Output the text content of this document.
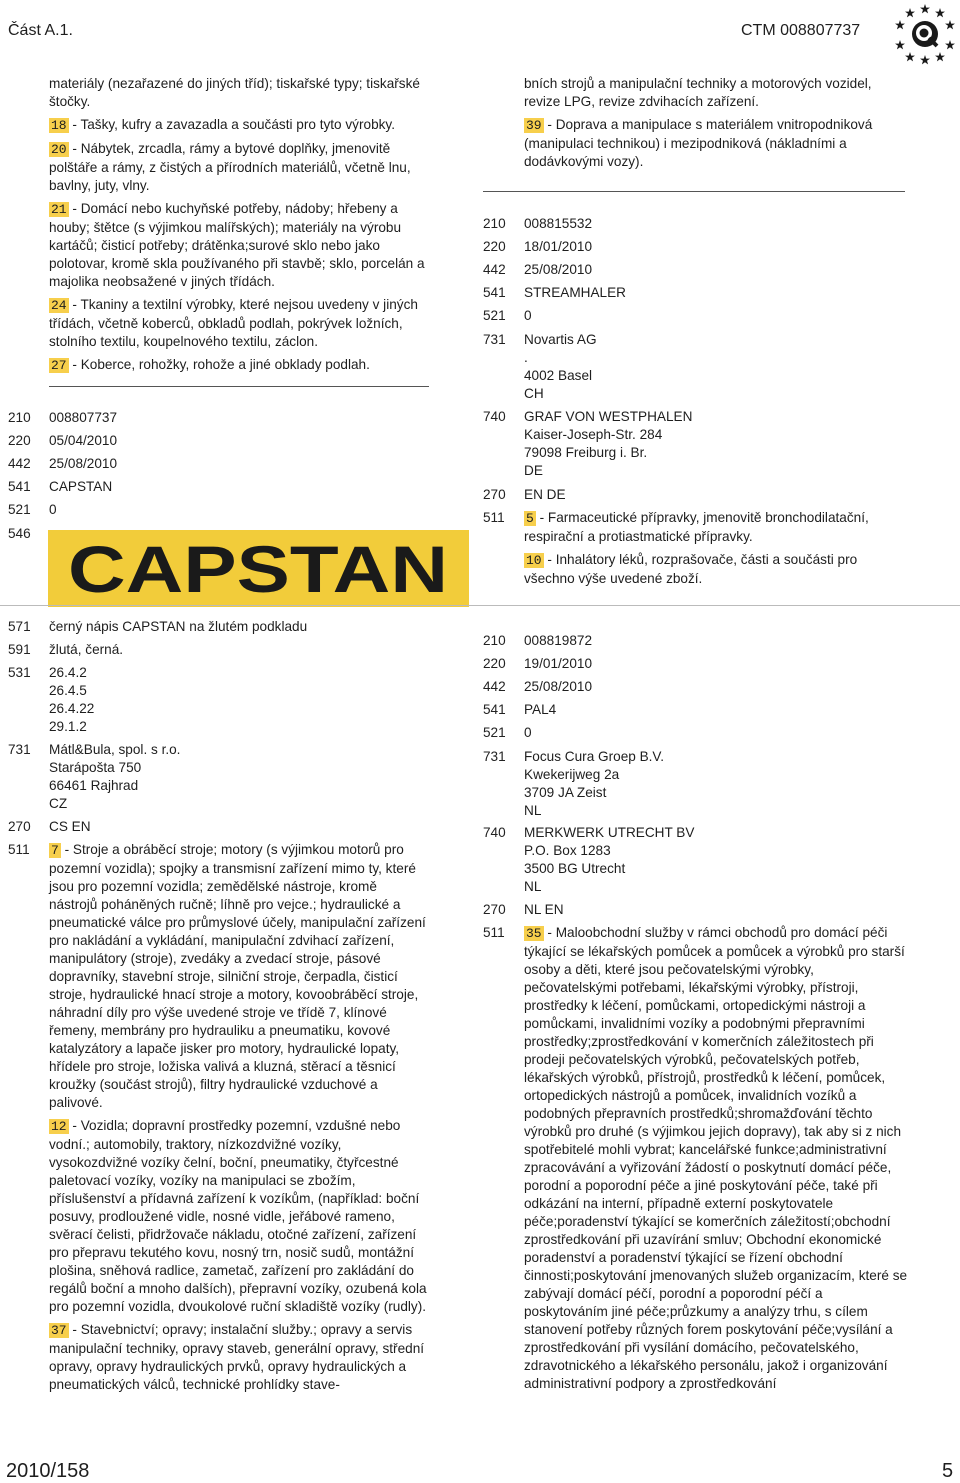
Část A.1.	CTM 008807737

materiály (nezařazené do jiných tříd); tiskařské typy; tiskařské štočky.

18 - Tašky, kufry a zavazadla a součásti pro tyto výrobky.

20 - Nábytek, zrcadla, rámy a bytové doplňky, jmenovitě polštáře a rámy, z čistých a přírodních materiálů, včetně lnu, bavlny, juty, vlny.

21 - Domácí nebo kuchyňské potřeby, nádoby; hřebeny a houby; štětce (s výjimkou malířských); materiály na výrobu kartáčů; čisticí potřeby; drátěnka;surové sklo nebo jako polotovar, kromě skla používaného při stavbě; sklo, porcelán a majolika neobsažené v jiných třídách.

24 - Tkaniny a textilní výrobky, které nejsou uvedeny v jiných třídách, včetně koberců, obkladů podlah, pokrývek ložních, stolního textilu, koupelnového textilu, záclon.

27 - Koberce, rohožky, rohože a jiné obklady podlah.

210 008807737
220 05/04/2010
442 25/08/2010
541 CAPSTAN
521 0
546
571 černý nápis CAPSTAN na žlutém podkladu
591 žlutá, černá.
531 26.4.2
26.4.5
26.4.22
29.1.2
731 Mátl&Bula, spol. s r.o.
Starápošta 750
66461 Rajhrad
CZ
270 CS EN
511 7 - Stroje a obráběcí stroje; motory (s výjimkou motorů pro pozemní vozidla); spojky a transmisní zařízení mimo ty, které jsou pro pozemní vozidla; zemědělské nástroje, kromě nástrojů poháněných ručně; líhně pro vejce.; hydraulické a pneumatické válce pro průmyslové účely, manipulační zařízení pro nakládání a vykládání, manipulační zdvihací zařízení, manipulátory (stroje), zvedáky a zvedací stroje, pásové dopravníky, stavební stroje, silniční stroje, čerpadla, čisticí stroje, hydraulické hnací stroje a motory, kovoobráběcí stroje, náhradní díly pro výše uvedené stroje ve třídě 7, klínové řemeny, membrány pro hydrauliku a pneumatiku, kovové katalyzátory a lapače jisker pro motory, hydraulické lopaty, hřídele pro stroje, ložiska valivá a kluzná, stěrací a těsnicí kroužky (součást strojů), filtry hydraulické vzduchové a palivové.

12 - Vozidla; dopravní prostředky pozemní, vzdušné nebo vodní.; automobily, traktory, nízkozdvižné vozíky, vysokozdvižné vozíky čelní, boční, pneumatiky, čtyřcestné paletovací vozíky, vozíky na manipulaci se zbožím, příslušenství a přídavná zařízení k vozíkům, (například: boční posuvy, prodloužené vidle, nosné vidle, jeřábové rameno, svěrací čelisti, přidržovače nákladu, otočné zařízení, zařízení pro přepravu tekutého kovu, nosný trn, nosič sudů, montážní plošina, sněhová radlice, zametač, zařízení pro zakládání do regálů boční a mnoho dalších), přepravní vozíky, ozubená kola pro pozemní vozidla, dvoukolové ruční skladiště vozíky (rudly).

37 - Stavebnictví; opravy; instalační služby.; opravy a servis manipulační techniky, opravy staveb, generální opravy, střední opravy, opravy hydraulických prvků, opravy hydraulických a pneumatických válců, technické prohlídky stave-

CAPSTAN

bních strojů a manipulační techniky a motorových vozidel, revize LPG, revize zdvihacích zařízení.

39 - Doprava a manipulace s materiálem vnitropodniková (manipulaci technikou) i mezipodniková (nákladními a dodávkovými vozy).

210 008815532
220 18/01/2010
442 25/08/2010
541 STREAMHALER
521 0
731 Novartis AG
.
4002 Basel
CH
740 GRAF VON WESTPHALEN
Kaiser-Joseph-Str. 284
79098 Freiburg i. Br.
DE
270 EN DE
511 5 - Farmaceutické přípravky, jmenovitě bronchodilatační, respirační a protiastmatické přípravky.

10 - Inhalátory léků, rozprašovače, části a součásti pro všechno výše uvedené zboží.

210 008819872
220 19/01/2010
442 25/08/2010
541 PAL4
521 0
731 Focus Cura Groep B.V.
Kwekerijweg 2a
3709 JA Zeist
NL
740 MERKWERK UTRECHT BV
P.O. Box 1283
3500 BG Utrecht
NL
270 NL EN
511 35 - Maloobchodní služby v rámci obchodů pro domácí péči týkající se lékařských pomůcek a pomůcek a výrobků pro starší osoby a děti, které jsou pečovatelskými výrobky, pečovatelskými potřebami, lékařskými výrobky, přístroji, prostředky k léčení, pomůckami, ortopedickými nástroji a pomůckami, invalidními vozíky a podobnými přepravními prostředky;zprostředkování v komerčních záležitostech při prodeji pečovatelských výrobků, pečovatelských potřeb, lékařských výrobků, přístrojů, prostředků k léčení, pomůcek, ortopedických nástrojů a pomůcek, invalidních vozíků a podobných přepravních prostředků;shromažďování těchto výrobků pro druhé (s výjimkou jejich dopravy), tak aby si z nich spotřebitelé mohli vybrat; kancelářské funkce;administrativní zpracovávání a vyřizování žádostí o poskytnutí domácí péče, porodní a poporodní péče a jiné poskytování péče, také při odkázání na interní, případně externí poskytovatele péče;poradenství týkající se komerčních záležitostí;obchodní zprostředkování při uzavírání smluv; Obchodní ekonomické poradenství a poradenství týkající se řízení obchodní činnosti;poskytování jmenovaných služeb organizacím, které se zabývají domácí péčí, porodní a poporodní péčí a poskytováním jiné péče;průzkumy a analýzy trhu, s cílem stanovení potřeby různých forem poskytování péče;vysílání a zprostředkování při vysílání domácího, pečovatelského, zdravotnického a lékařského personálu, jakož i organizování administrativní podpory a zprostředkování

2010/158	5
